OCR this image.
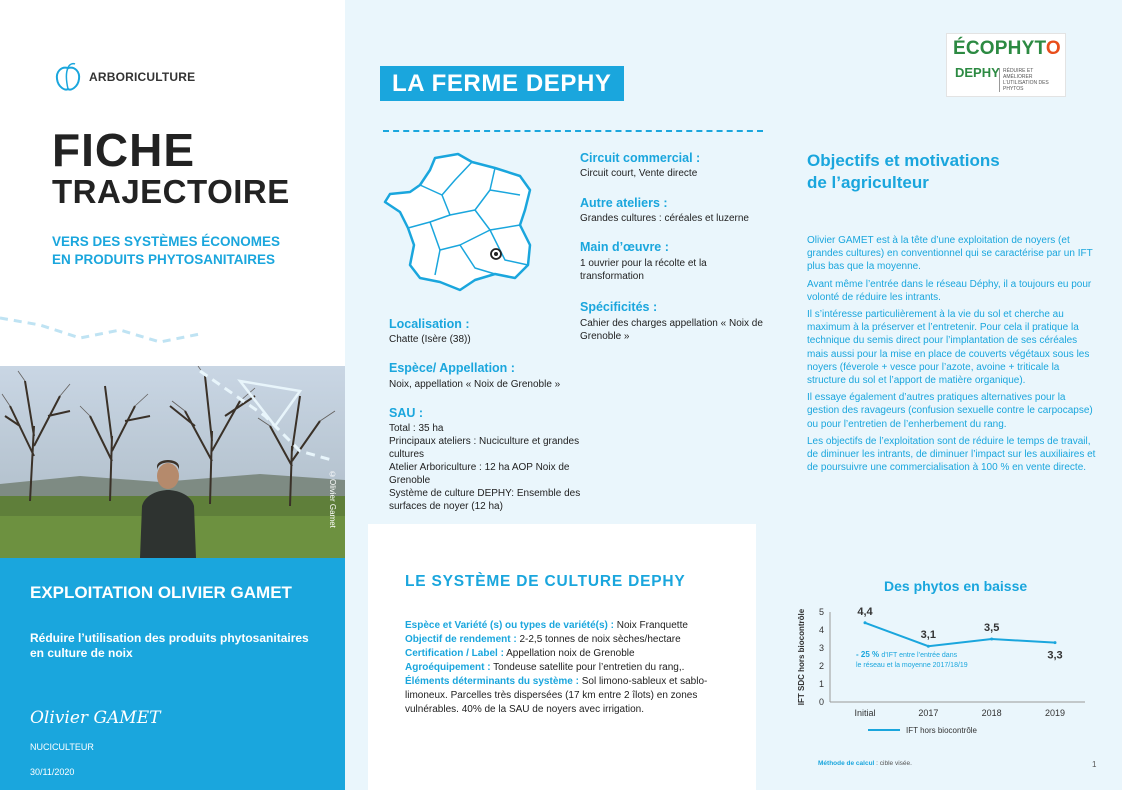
ARBORICULTURE
FICHE
TRAJECTOIRE
VERS DES SYSTÈMES ÉCONOMES EN PRODUITS PHYTOSANITAIRES
©Olivier Gamet
EXPLOITATION OLIVIER GAMET
Réduire l’utilisation des produits phytosanitaires en culture de noix
Olivier GAMET
NUCICULTEUR
30/11/2020
LA FERME DEPHY
ÉCOPHYTO
DEPHY RÉDUIRE ET AMÉLIORER L’UTILISATION DES PHYTOS
Circuit commercial :
Circuit court, Vente directe
Autre ateliers :
Grandes cultures : céréales et luzerne
Main d’œuvre :
1 ouvrier pour la récolte et la transformation
Spécificités :
Cahier des charges appellation « Noix de Grenoble »
Localisation :
Chatte (Isère (38))
Espèce/ Appellation :
Noix, appellation « Noix de Grenoble »
SAU :
Total : 35 ha
Principaux ateliers : Nuciculture et grandes cultures
Atelier Arboriculture : 12 ha AOP Noix de Grenoble
Système de culture DEPHY: Ensemble des surfaces de noyer (12 ha)
Objectifs et motivations de l’agriculteur

Olivier GAMET est à la tête d’une exploitation de noyers (et grandes cultures) en conventionnel qui se caractérise par un IFT plus bas que la moyenne.

Avant même l’entrée dans le réseau Déphy, il a toujours eu pour volonté de réduire les intrants.

Il s’intéresse particulièrement à la vie du sol et cherche au maximum à la préserver et l’entretenir. Pour cela il pratique la technique du semis direct pour l’implantation de ses céréales mais aussi pour la mise en place de couverts végétaux sous les noyers (féverole + vesce pour l’azote, avoine + triticale la structure du sol et l’apport de matière organique).

Il essaye également d’autres pratiques alternatives pour la gestion des ravageurs (confusion sexuelle contre le carpocapse) ou pour l’entretien de l’enherbement du rang.

Les objectifs de l’exploitation sont de réduire le temps de travail, de diminuer les intrants, de diminuer l’impact sur les auxiliaires et de poursuivre une commercialisation à 100 % en vente directe.

LE SYSTÈME DE CULTURE DEPHY
Espèce et Variété (s) ou types de variété(s) : Noix Franquette
Objectif de rendement : 2-2,5 tonnes de noix sèches/hectare
Certification / Label : Appellation noix de Grenoble
Agroéquipement : Tondeuse satellite pour l’entretien du rang,.
Éléments déterminants du système : Sol limono-sableux et sablo-limoneux. Parcelles très dispersées (17 km entre 2 îlots) en zones vulnérables. 40% de la SAU de noyers avec irrigation.
Des phytos en baisse
0
1
2
3
4
5
IFT SDC hors biocontrôle
Initial	2017	2018	2019
4,4
3,1
3,5
3,3
- 25 % d’IFT entre l’entrée dans le réseau et la moyenne 2017/18/19
IFT hors biocontrôle
Méthode de calcul : cible visée.	1
